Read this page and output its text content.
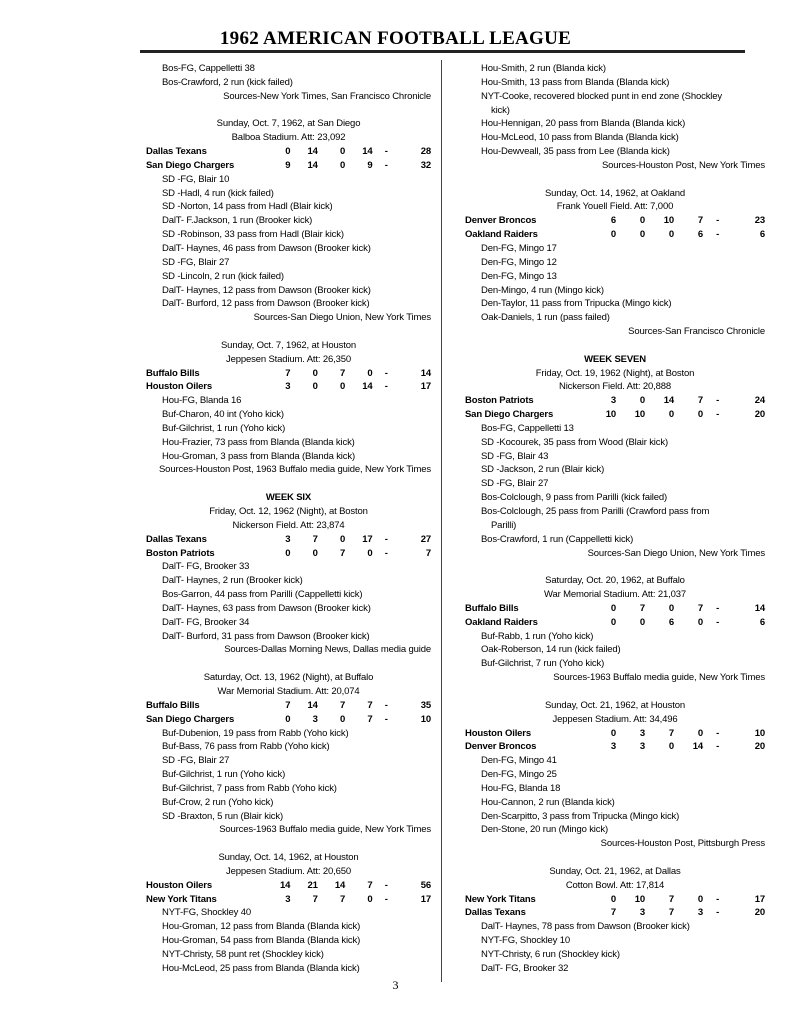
1962 AMERICAN FOOTBALL LEAGUE
Bos-FG, Cappelletti 38
Bos-Crawford, 2 run (kick failed)
Sources-New York Times, San Francisco Chronicle
Sunday, Oct. 7, 1962, at San Diego
Balboa Stadium. Att: 23,092
Dallas Texans	0	14	0	14	-	28
San Diego Chargers	9	14	0	9	-	32
SD -FG, Blair 10
SD -Hadl, 4 run (kick failed)
SD -Norton, 14 pass from Hadl (Blair kick)
DalT- F.Jackson, 1 run (Brooker kick)
SD -Robinson, 33 pass from Hadl (Blair kick)
DalT- Haynes, 46 pass from Dawson (Brooker kick)
SD -FG, Blair 27
SD -Lincoln, 2 run (kick failed)
DalT- Haynes, 12 pass from Dawson (Brooker kick)
DalT- Burford, 12 pass from Dawson (Brooker kick)
Sources-San Diego Union, New York Times
Sunday, Oct. 7, 1962, at Houston
Jeppesen Stadium. Att: 26,350
Buffalo Bills	7	0	7	0	-	14
Houston Oilers	3	0	0	14	-	17
Hou-FG, Blanda 16
Buf-Charon, 40 int (Yoho kick)
Buf-Gilchrist, 1 run (Yoho kick)
Hou-Frazier, 73 pass from Blanda (Blanda kick)
Hou-Groman, 3 pass from Blanda (Blanda kick)
Sources-Houston Post, 1963 Buffalo media guide, New York Times
WEEK SIX
Friday, Oct. 12, 1962 (Night), at Boston
Nickerson Field. Att: 23,874
Dallas Texans	3	7	0	17	-	27
Boston Patriots	0	0	7	0	-	7
DalT- FG, Brooker 33
DalT- Haynes, 2 run (Brooker kick)
Bos-Garron, 44 pass from Parilli (Cappelletti kick)
DalT- Haynes, 63 pass from Dawson (Brooker kick)
DalT- FG, Brooker 34
DalT- Burford, 31 pass from Dawson (Brooker kick)
Sources-Dallas Morning News, Dallas media guide
Saturday, Oct. 13, 1962 (Night), at Buffalo
War Memorial Stadium. Att: 20,074
Buffalo Bills	7	14	7	7	-	35
San Diego Chargers	0	3	0	7	-	10
Buf-Dubenion, 19 pass from Rabb (Yoho kick)
Buf-Bass, 76 pass from Rabb (Yoho kick)
SD -FG, Blair 27
Buf-Gilchrist, 1 run (Yoho kick)
Buf-Gilchrist, 7 pass from Rabb (Yoho kick)
Buf-Crow, 2 run (Yoho kick)
SD -Braxton, 5 run (Blair kick)
Sources-1963 Buffalo media guide, New York Times
Sunday, Oct. 14, 1962, at Houston
Jeppesen Stadium. Att: 20,650
Houston Oilers	14	21	14	7	-	56
New York Titans	3	7	7	0	-	17
NYT-FG, Shockley 40
Hou-Groman, 12 pass from Blanda (Blanda kick)
Hou-Groman, 54 pass from Blanda (Blanda kick)
NYT-Christy, 58 punt ret (Shockley kick)
Hou-McLeod, 25 pass from Blanda (Blanda kick)
Hou-Smith, 2 run (Blanda kick)
Hou-Smith, 13 pass from Blanda (Blanda kick)
NYT-Cooke, recovered blocked punt in end zone (Shockley
kick)
Hou-Hennigan, 20 pass from Blanda (Blanda kick)
Hou-McLeod, 10 pass from Blanda (Blanda kick)
Hou-Dewveall, 35 pass from Lee (Blanda kick)
Sources-Houston Post, New York Times
Sunday, Oct. 14, 1962, at Oakland
Frank Youell Field. Att: 7,000
Denver Broncos	6	0	10	7	-	23
Oakland Raiders	0	0	0	6	-	6
Den-FG, Mingo 17
Den-FG, Mingo 12
Den-FG, Mingo 13
Den-Mingo, 4 run (Mingo kick)
Den-Taylor, 11 pass from Tripucka (Mingo kick)
Oak-Daniels, 1 run (pass failed)
Sources-San Francisco Chronicle
WEEK SEVEN
Friday, Oct. 19, 1962 (Night), at Boston
Nickerson Field. Att: 20,888
Boston Patriots	3	0	14	7	-	24
San Diego Chargers	10	10	0	0	-	20
Bos-FG, Cappelletti 13
SD -Kocourek, 35 pass from Wood (Blair kick)
SD -FG, Blair 43
SD -Jackson, 2 run (Blair kick)
SD -FG, Blair 27
Bos-Colclough, 9 pass from Parilli (kick failed)
Bos-Colclough, 25 pass from Parilli (Crawford pass from
Parilli)
Bos-Crawford, 1 run (Cappelletti kick)
Sources-San Diego Union, New York Times
Saturday, Oct. 20, 1962, at Buffalo
War Memorial Stadium. Att: 21,037
Buffalo Bills	0	7	0	7	-	14
Oakland Raiders	0	0	6	0	-	6
Buf-Rabb, 1 run (Yoho kick)
Oak-Roberson, 14 run (kick failed)
Buf-Gilchrist, 7 run (Yoho kick)
Sources-1963 Buffalo media guide, New York Times
Sunday, Oct. 21, 1962, at Houston
Jeppesen Stadium. Att: 34,496
Houston Oilers	0	3	7	0	-	10
Denver Broncos	3	3	0	14	-	20
Den-FG, Mingo 41
Den-FG, Mingo 25
Hou-FG, Blanda 18
Hou-Cannon, 2 run (Blanda kick)
Den-Scarpitto, 3 pass from Tripucka (Mingo kick)
Den-Stone, 20 run (Mingo kick)
Sources-Houston Post, Pittsburgh Press
Sunday, Oct. 21, 1962, at Dallas
Cotton Bowl. Att: 17,814
New York Titans	0	10	7	0	-	17
Dallas Texans	7	3	7	3	-	20
DalT- Haynes, 78 pass from Dawson (Brooker kick)
NYT-FG, Shockley 10
NYT-Christy, 6 run (Shockley kick)
DalT- FG, Brooker 32
3
